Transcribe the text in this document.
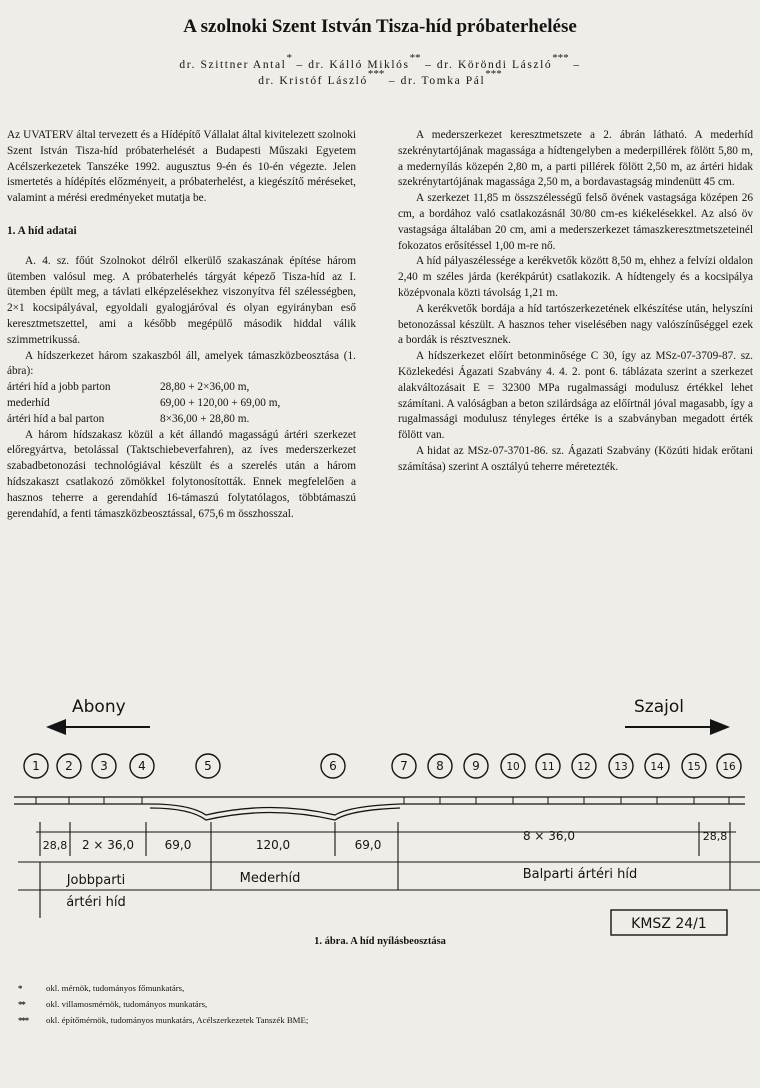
A szolnoki Szent István Tisza-híd próbaterhelése
dr. Szittner Antal* – dr. Kálló Miklós** – dr. Köröndi László*** –
dr. Kristóf László*** – dr. Tomka Pál***

Az UVATERV által tervezett és a Hídépítő Vállalat által kivitelezett szolnoki Szent István Tisza-híd próbaterhelését a Budapesti Műszaki Egyetem Acélszerkezetek Tanszéke 1992. augusztus 9-én és 10-én végezte. Jelen ismertetés a hídépítés előzményeit, a próbaterhelést, a kiegészítő méréseket, valamint a mérési eredményeket mutatja be.

1. A híd adatai

A. 4. sz. főút Szolnokot délről elkerülő szakaszának építése három ütemben valósul meg. A próbaterhelés tárgyát képező Tisza-híd az I. ütemben épült meg, a távlati elképzelésekhez viszonyítva fél szélességben, 2×1 kocsipályával, egyoldali gyalogjáróval és olyan egyirányban eső keresztmetszettel, ami a később megépülő második hiddal válik szimmetrikussá.

A hídszerkezet három szakaszból áll, amelyek támaszközbeosztása (1. ábra):

ártéri híd a jobb parton	28,80 + 2×36,00 m,
mederhíd	69,00 + 120,00 + 69,00 m,
ártéri híd a bal parton	8×36,00 + 28,80 m.

A három hídszakasz közül a két állandó magasságú ártéri szerkezet előregyártva, betolással (Taktschiebeverfahren), az íves mederszerkezet szabadbetonozási technológiával készült és a szerelés után a három hídszakaszt csatlakozó zömökkel folytonosították. Ennek megfelelően a hasznos teherre a gerendahíd 16-támaszú folytatólagos, többtámaszú gerendahíd, a fenti támaszközbeosztással, 675,6 m összhosszal.

A mederszerkezet keresztmetszete a 2. ábrán látható. A mederhíd szekrénytartójának magassága a hídtengelyben a mederpillérek fölött 5,80 m, a medernyílás közepén 2,80 m, a parti pillérek fölött 2,50 m, az ártéri hidak szekrénytartójának magassága 2,50 m, a bordavastagság mindenütt 45 cm.

A szerkezet 11,85 m összszélességű felső övének vastagsága középen 26 cm, a bordához való csatlakozásnál 30/80 cm-es kiékelésekkel. Az alsó öv vastagsága általában 20 cm, ami a mederszerkezet támaszkeresztmetszeteinél fokozatos erősítéssel 1,00 m-re nő.

A híd pályaszélessége a kerékvetők között 8,50 m, ehhez a felvízi oldalon 2,40 m széles járda (kerékpárút) csatlakozik. A hídtengely és a kocsipálya középvonala közti távolság 1,21 m.

A kerékvetők bordája a híd tartószerkezetének elkészítése után, helyszíni betonozással készült. A hasznos teher viselésében nagy valószínűséggel ezek a bordák is résztvesznek.

A hídszerkezet előírt betonminősége C 30, így az MSz-07-3709-87. sz. Közlekedési Ágazati Szabvány 4. 4. 2. pont 6. táblázata szerint a szerkezet alakváltozásait E = 32300 MPa rugalmassági modulusz értékkel lehet számítani. A valóságban a beton szilárdsága az előírtnál jóval magasabb, így a rugalmassági modulusz tényleges értéke is a szabványban megadott érték fölött van.

A hidat az MSz-07-3701-86. sz. Ágazati Szabvány (Közúti hidak erőtani számítása) szerint A osztályú teherre méretezték.

Abony	Szajol
1 2 3	4	5	6	7 8 9	10 11 12 13 14 15 16
28,8 2 × 36,0	69,0	120,0	69,0
8 × 36,0	28,8
Jobbparti
ártéri híd
Mederhíd	Balparti ártéri híd
KMSZ 24/1
1. ábra. A híd nyílásbeosztása
*	okl. mérnök, tudományos főmunkatárs,
**	okl. villamosmérnök, tudományos munkatárs,
***	okl. építőmérnök, tudományos munkatárs, Acélszerkezetek Tanszék BME;
